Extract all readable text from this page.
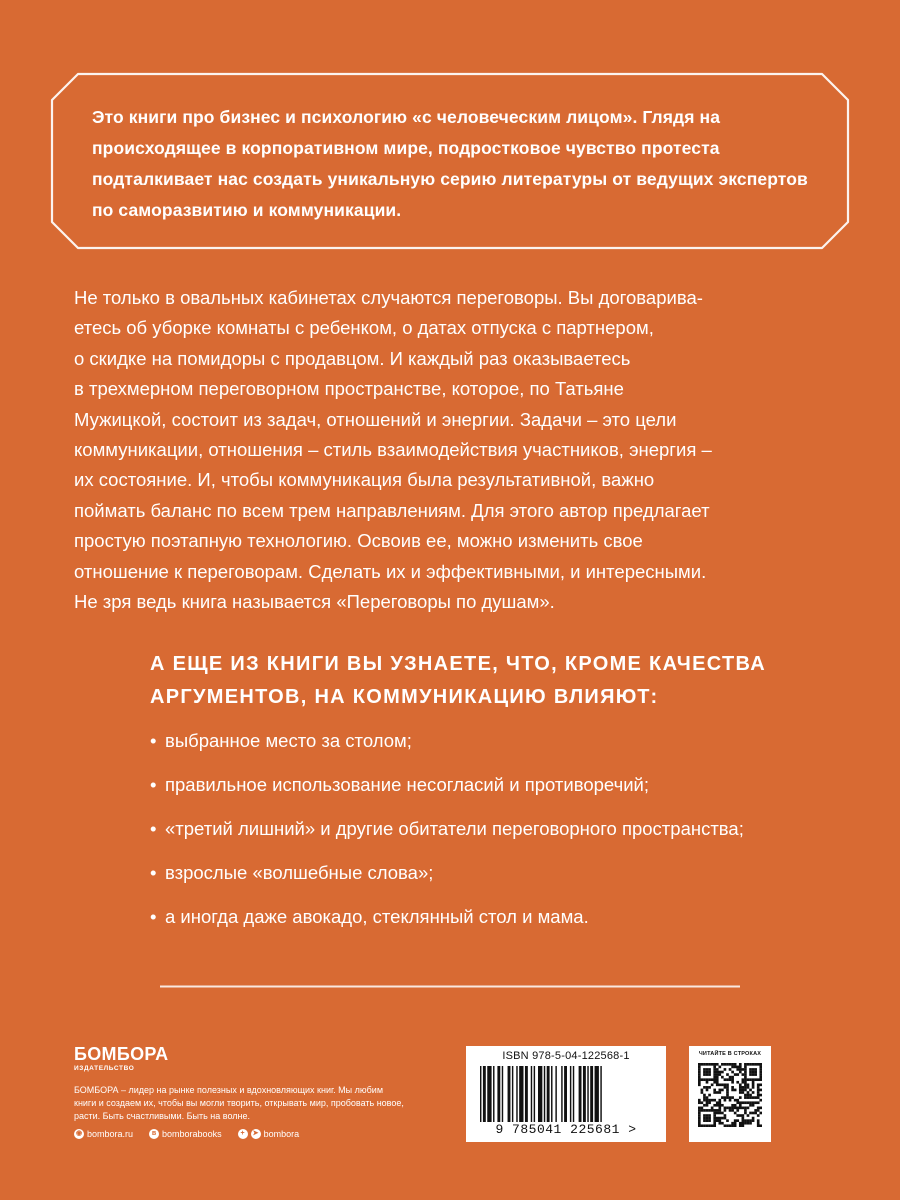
Это книги про бизнес и психологию «с человеческим лицом». Глядя на происходящее в корпоративном мире, подростковое чувство протеста подталкивает нас создать уникальную серию литературы от ведущих экспертов по саморазвитию и коммуникации.
Не только в овальных кабинетах случаются переговоры. Вы договарива-
етесь об уборке комнаты с ребенком, о датах отпуска с партнером,
о скидке на помидоры с продавцом. И каждый раз оказываетесь
в трехмерном переговорном пространстве, которое, по Татьяне
Мужицкой, состоит из задач, отношений и энергии. Задачи – это цели
коммуникации, отношения – стиль взаимодействия участников, энергия –
их состояние. И, чтобы коммуникация была результативной, важно
поймать баланс по всем трем направлениям. Для этого автор предлагает
простую поэтапную технологию. Освоив ее, можно изменить свое
отношение к переговорам. Сделать их и эффективными, и интересными.
Не зря ведь книга называется «Переговоры по душам».
А ЕЩЕ ИЗ КНИГИ ВЫ УЗНАЕТЕ, ЧТО, КРОМЕ КАЧЕСТВА АРГУМЕНТОВ, НА КОММУНИКАЦИЮ ВЛИЯЮТ:
• выбранное место за столом;
• правильное использование несогласий и противоречий;
• «третий лишний» и другие обитатели переговорного пространства;
• взрослые «волшебные слова»;
• а иногда даже авокадо, стеклянный стол и мама.
БОМБОРА
ИЗДАТЕЛЬСТВО
БОМБОРА – лидер на рынке полезных и вдохновляющих книг. Мы любим книги и создаем их, чтобы вы могли творить, открывать мир, пробовать новое, расти. Быть счастливыми. Быть на волне.
◉ bombora.ru	в bomborabooks	+	➤ bombora
ISBN 978-5-04-122568-1
9 785041 225681 >
ЧИТАЙТЕ В СТРОКАХ
